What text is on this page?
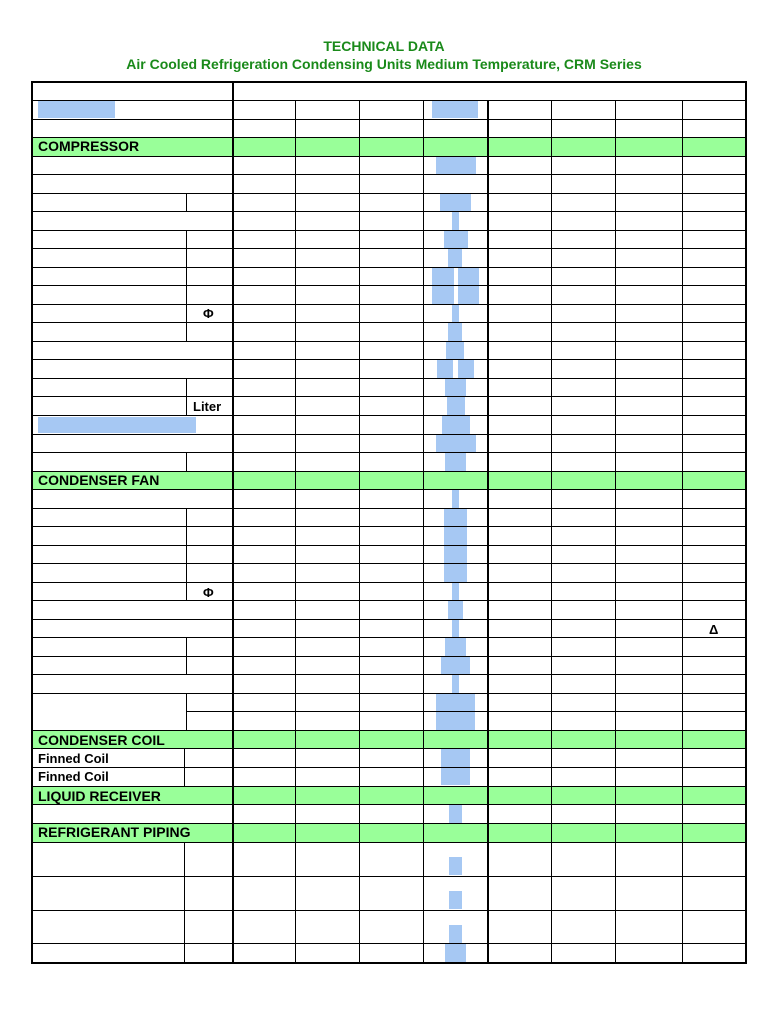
TECHNICAL DATA
Air Cooled Refrigeration Condensing Units Medium Temperature, CRM Series
COMPRESSOR
CONDENSER FAN
CONDENSER COIL
LIQUID RECEIVER
REFRIGERANT PIPING
Finned Coil
Finned Coil
Φ
Liter
Φ
Δ
